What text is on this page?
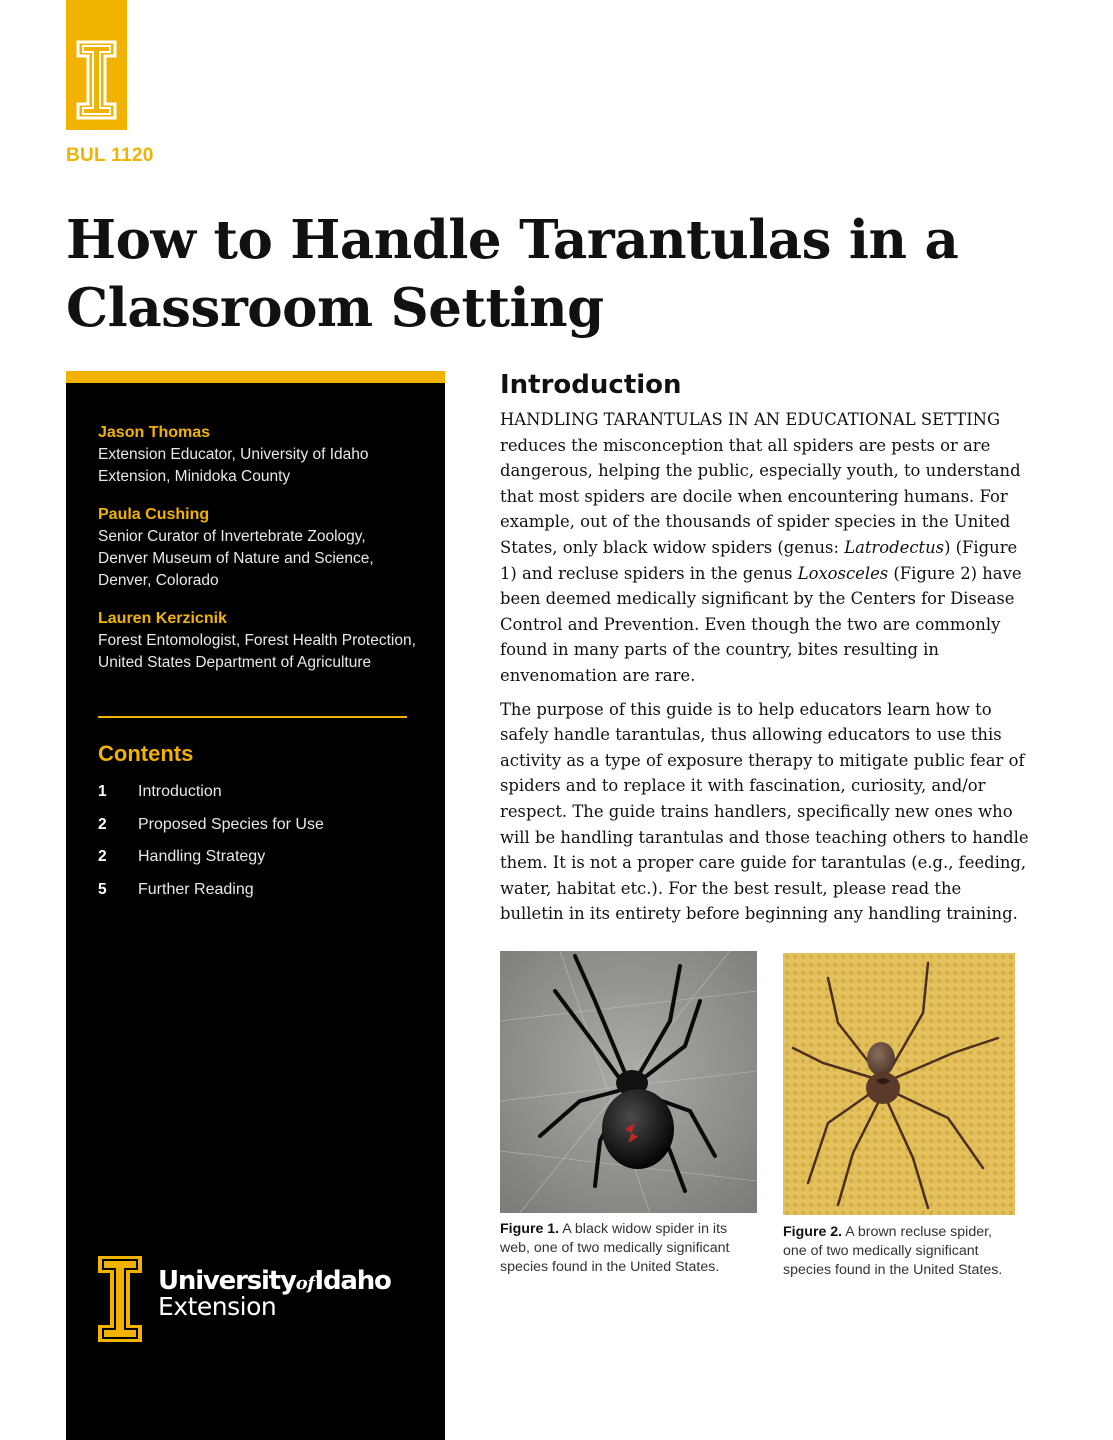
BUL 1120
How to Handle Tarantulas in a Classroom Setting
Jason Thomas
Extension Educator, University of Idaho Extension, Minidoka County
Paula Cushing
Senior Curator of Invertebrate Zoology, Denver Museum of Nature and Science, Denver, Colorado
Lauren Kerzicnik
Forest Entomologist, Forest Health Protection, United States Department of Agriculture
Contents
1	Introduction
2	Proposed Species for Use
2	Handling Strategy
5	Further Reading
UniversityofIdaho
Extension
Introduction

HANDLING TARANTULAS IN AN EDUCATIONAL SETTING reduces the misconception that all spiders are pests or are dangerous, helping the public, especially youth, to understand that most spiders are docile when encountering humans. For example, out of the thousands of spider species in the United States, only black widow spiders (genus: Latrodectus) (Figure 1) and recluse spiders in the genus Loxosceles (Figure 2) have been deemed medically significant by the Centers for Disease Control and Prevention. Even though the two are commonly found in many parts of the country, bites resulting in envenomation are rare.

The purpose of this guide is to help educators learn how to safely handle tarantulas, thus allowing educators to use this activity as a type of exposure therapy to mitigate public fear of spiders and to replace it with fascination, curiosity, and/or respect. The guide trains handlers, specifically new ones who will be handling tarantulas and those teaching others to handle them. It is not a proper care guide for tarantulas (e.g., feeding, water, habitat etc.). For the best result, please read the bulletin in its entirety before beginning any handling training.

Figure 1. A black widow spider in its web, one of two medically significant species found in the United States.
Figure 2. A brown recluse spider, one of two medically significant species found in the United States.
